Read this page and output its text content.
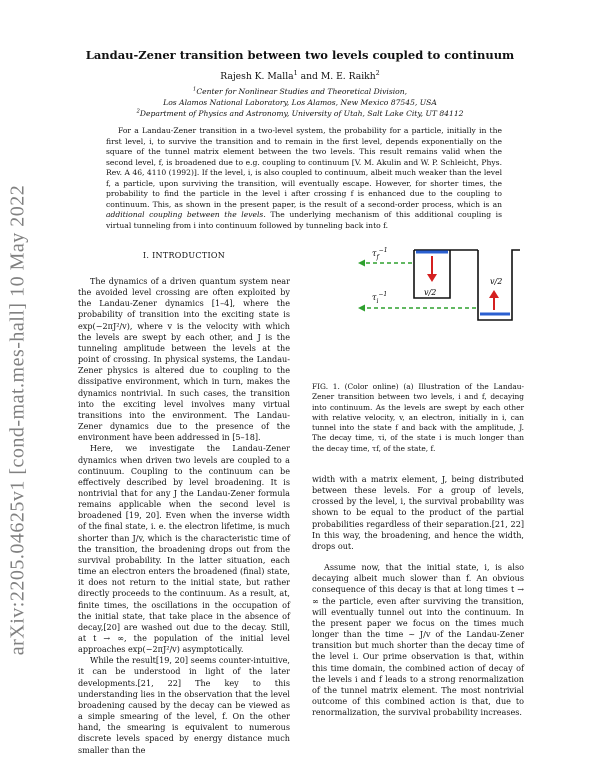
arXiv:2205.04625v1 [cond-mat.mes-hall] 10 May 2022
Landau-Zener transition between two levels coupled to continuum
Rajesh K. Malla$^1$ and M. E. Raikh$^2$
$^1$Center for Nonlinear Studies and Theoretical Division,
Los Alamos National Laboratory, Los Alamos, New Mexico 87545, USA
$^2$Department of Physics and Astronomy, University of Utah, Salt Lake City, UT 84112
For a Landau-Zener transition in a two-level system, the probability for a particle, initially in the first level, i, to survive the transition and to remain in the first level, depends exponentially on the square of the tunnel matrix element between the two levels. This result remains valid when the second level, f, is broadened due to e.g. coupling to continuum [V. M. Akulin and W. P. Schleicht, Phys. Rev. A 46, 4110 (1992)]. If the level, i, is also coupled to continuum, albeit much weaker than the level f, a particle, upon surviving the transition, will eventually escape. However, for shorter times, the probability to find the particle in the level i after crossing f is enhanced due to the coupling to continuum. This, as shown in the present paper, is the result of a second-order process, which is an additional coupling between the levels. The underlying mechanism of this additional coupling is virtual tunneling from i into continuum followed by tunneling back into f.
I. INTRODUCTION

The dynamics of a driven quantum system near the avoided level crossing are often exploited by the Landau-Zener dynamics [1–4], where the probability of transition into the exciting state is exp(−2πJ²/v), where v is the velocity with which the levels are swept by each other, and J is the tunneling amplitude between the levels at the point of crossing. In physical systems, the Landau-Zener physics is altered due to coupling to the dissipative environment, which in turn, makes the dynamics nontrivial. In such cases, the transition into the exciting level involves many virtual transitions into the environment. The Landau-Zener dynamics due to the presence of the environment have been addressed in [5–18].

Here, we investigate the Landau-Zener dynamics when driven two levels are coupled to a continuum. Coupling to the continuum can be effectively described by level broadening. It is nontrivial that for any J the Landau-Zener formula remains applicable when the second level is broadened [19, 20]. Even when the inverse width of the final state, i. e. the electron lifetime, is much shorter than J/v, which is the characteristic time of the transition, the broadening drops out from the survival probability. In the latter situation, each time an electron enters the broadened (final) state, it does not return to the initial state, but rather directly proceeds to the continuum. As a result, at, finite times, the oscillations in the occupation of the initial state, that take place in the absence of decay,[20] are washed out due to the decay. Still, at t → ∞, the population of the initial level approaches exp(−2πJ²/v) asymptotically.

While the result[19, 20] seems counter-intuitive, it can be understood in light of the later developments.[21, 22] The key to this understanding lies in the observation that the level broadening caused by the decay can be viewed as a simple smearing of the level, f. On the other hand, the smearing is equivalent to numerous discrete levels spaced by energy distance much smaller than the

$\tau_f^{-1}$
$\tau_i^{-1}$	v/2
v/2
FIG. 1. (Color online) (a) Illustration of the Landau-Zener transition between two levels, i and f, decaying into continuum. As the levels are swept by each other with relative velocity, v, an electron, initially in i, can tunnel into the state f and back with the amplitude, J. The decay time, τi, of the state i is much longer than the decay time, τf, of the state, f.

width with a matrix element, J, being distributed between these levels. For a group of levels, crossed by the level, i, the survival probability was shown to be equal to the product of the partial probabilities regardless of their separation.[21, 22] In this way, the broadening, and hence the width, drops out.

Assume now, that the initial state, i, is also decaying albeit much slower than f. An obvious consequence of this decay is that at long times t → ∞ the particle, even after surviving the transition, will eventually tunnel out into the continuum. In the present paper we focus on the times much longer than the time ~ J/v of the Landau-Zener transition but much shorter than the decay time of the level i. Our prime observation is that, within this time domain, the combined action of decay of the levels i and f leads to a strong renormalization of the tunnel matrix element. The most nontrivial outcome of this combined action is that, due to renormalization, the survival probability increases.
